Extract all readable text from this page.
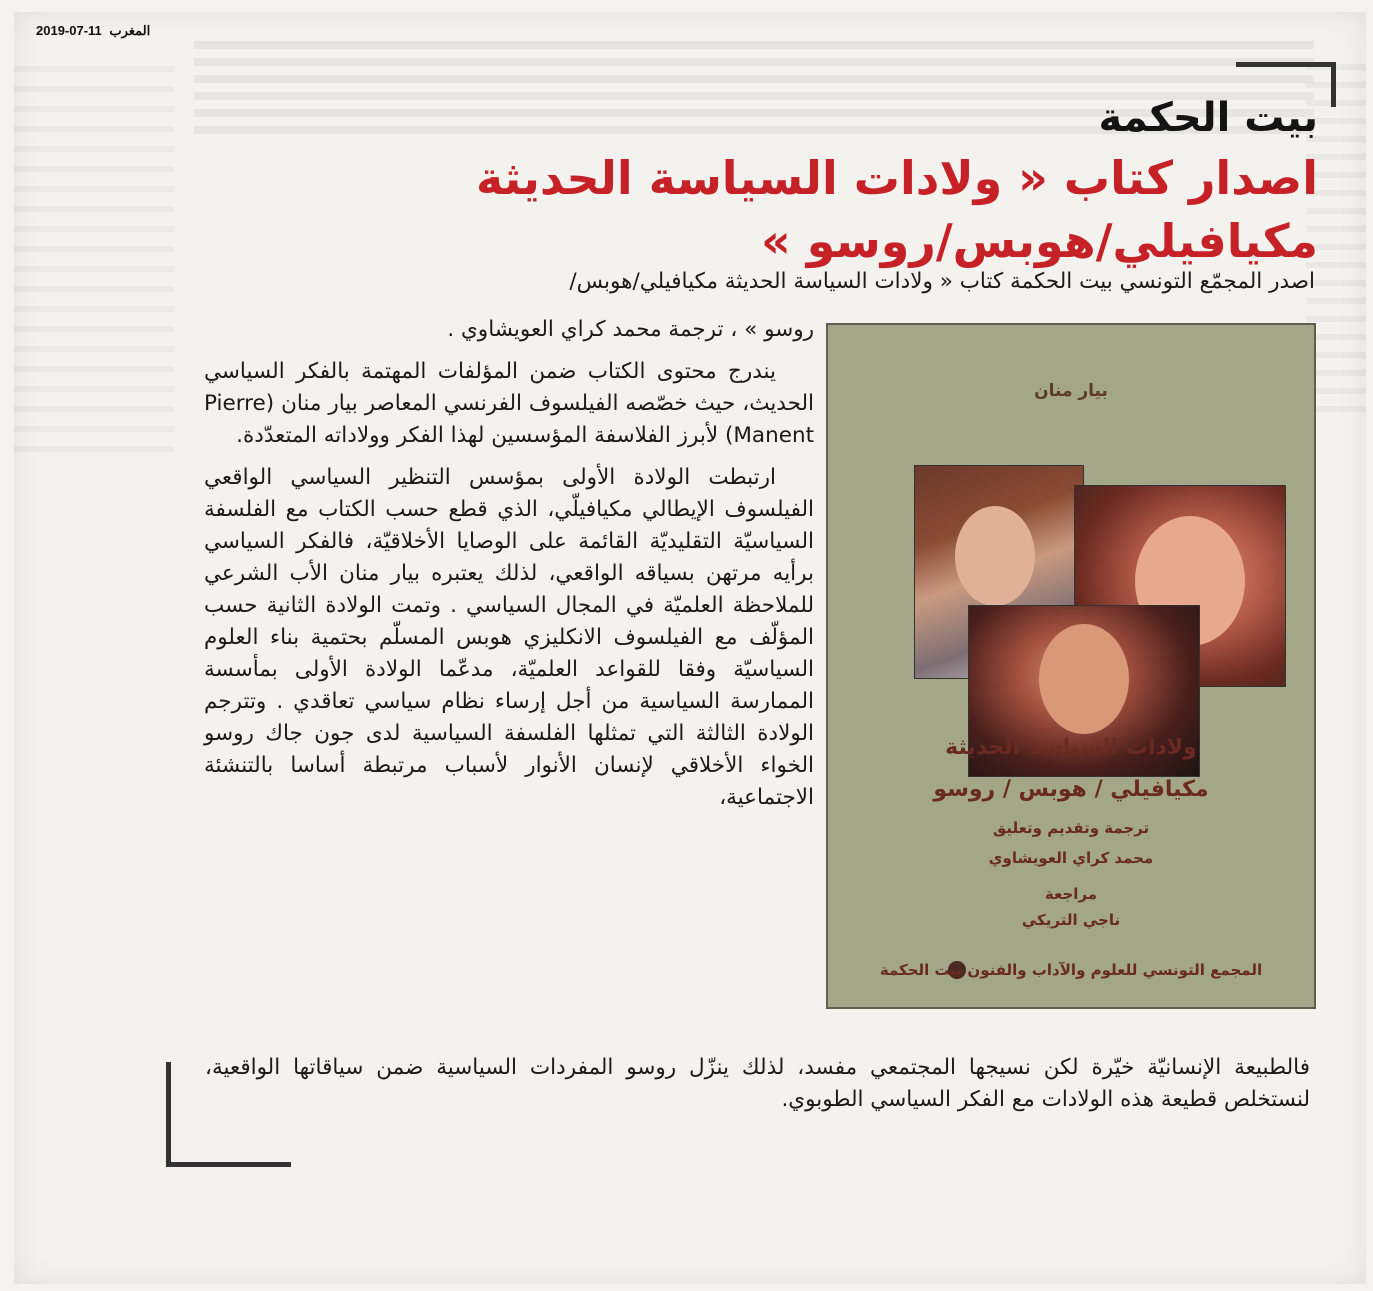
2019-07-11 المغرب
بيت الحكمة
اصدار كتاب « ولادات السياسة الحديثة
مكيافيلي/هوبس/روسو »
اصدر المجمّع التونسي بيت الحكمة كتاب « ولادات السياسة الحديثة مكيافيلي/هوبس/

روسو » ، ترجمة محمد كراي العويشاوي .

يندرج محتوى الكتاب ضمن المؤلفات المهتمة بالفكر السياسي الحديث، حيث خصّصه الفيلسوف الفرنسي المعاصر بيار منان (Pierre Manent) لأبرز الفلاسفة المؤسسين لهذا الفكر وولاداته المتعدّدة.

ارتبطت الولادة الأولى بمؤسس التنظير السياسي الواقعي الفيلسوف الإيطالي مكيافيلّي، الذي قطع حسب الكتاب مع الفلسفة السياسيّة التقليديّة القائمة على الوصايا الأخلاقيّة، فالفكر السياسي برأيه مرتهن بسياقه الواقعي، لذلك يعتبره بيار منان الأب الشرعي للملاحظة العلميّة في المجال السياسي . وتمت الولادة الثانية حسب المؤلّف مع الفيلسوف الانكليزي هوبس المسلّم بحتمية بناء العلوم السياسيّة وفقا للقواعد العلميّة، مدعّما الولادة الأولى بمأسسة الممارسة السياسية من أجل إرساء نظام سياسي تعاقدي . وتترجم الولادة الثالثة التي تمثلها الفلسفة السياسية لدى جون جاك روسو الخواء الأخلاقي لإنسان الأنوار لأسباب مرتبطة أساسا بالتنشئة الاجتماعية،

فالطبيعة الإنسانيّة خيّرة لكن نسيجها المجتمعي مفسد، لذلك ينزّل روسو المفردات السياسية ضمن سياقاتها الواقعية، لنستخلص قطيعة هذه الولادات مع الفكر السياسي الطوبوي.
بيار منان
ولادات السياسة الحديثة
مكيافيلي / هوبس / روسو
ترجمة وتقديم وتعليق
محمد كراي العويشاوي
مراجعة
ناجي التريكي
المجمع التونسي للعلوم والآداب والفنون بيت الحكمة
